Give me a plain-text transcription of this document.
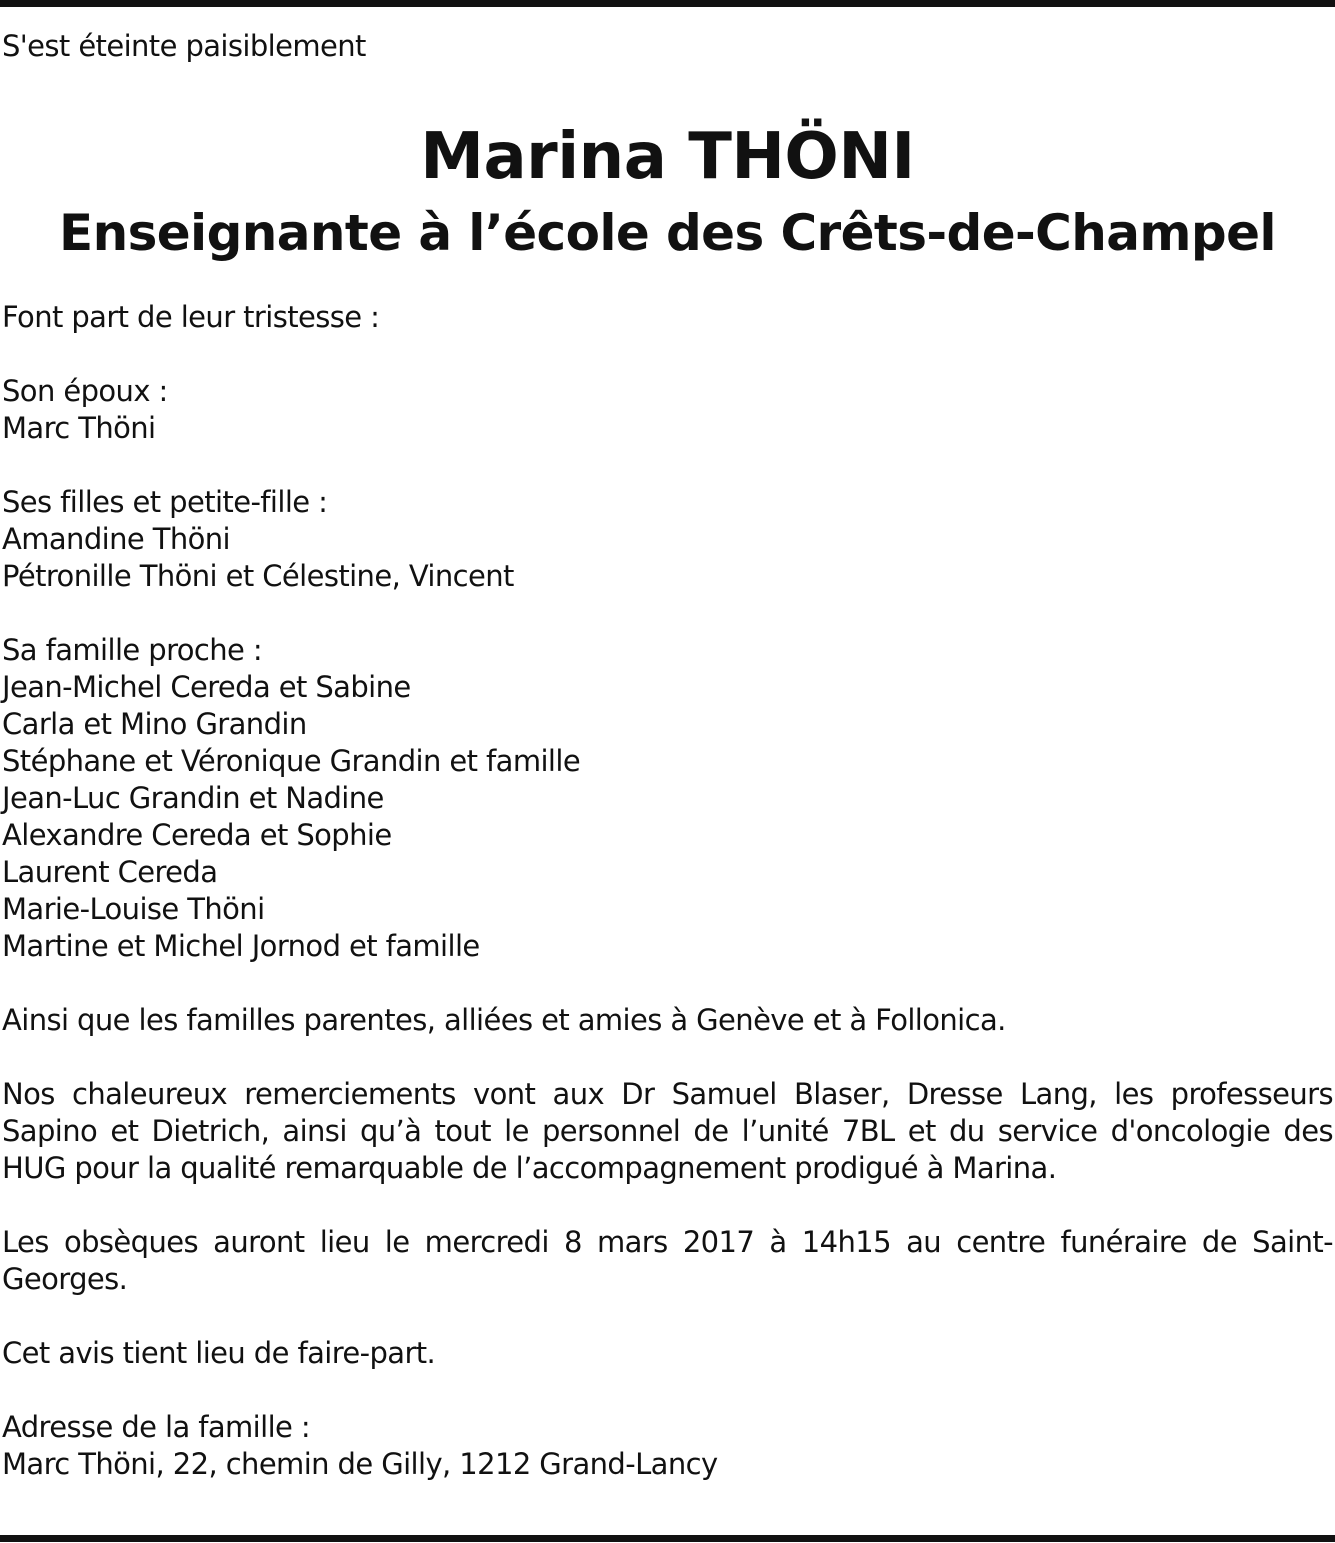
S'est éteinte paisiblement

Marina THÖNI
Enseignante à l’école des Crêts-de-Champel

Font part de leur tristesse :

Son époux :
Marc Thöni
Ses filles et petite-fille :
Amandine Thöni
Pétronille Thöni et Célestine, Vincent
Sa famille proche :
Jean-Michel Cereda et Sabine
Carla et Mino Grandin
Stéphane et Véronique Grandin et famille
Jean-Luc Grandin et Nadine
Alexandre Cereda et Sophie
Laurent Cereda
Marie-Louise Thöni
Martine et Michel Jornod et famille

Ainsi que les familles parentes, alliées et amies à Genève et à Follonica.

Nos chaleureux remerciements vont aux Dr Samuel Blaser, Dresse Lang, les professeurs Sapino et Dietrich, ainsi qu’à tout le personnel de l’unité 7BL et du service d'oncologie des HUG pour la qualité remarquable de l’accompagnement prodigué à Marina.

Les obsèques auront lieu le mercredi 8 mars 2017 à 14h15 au centre funéraire de Saint-Georges.

Cet avis tient lieu de faire-part.

Adresse de la famille :
Marc Thöni, 22, chemin de Gilly, 1212 Grand-Lancy
